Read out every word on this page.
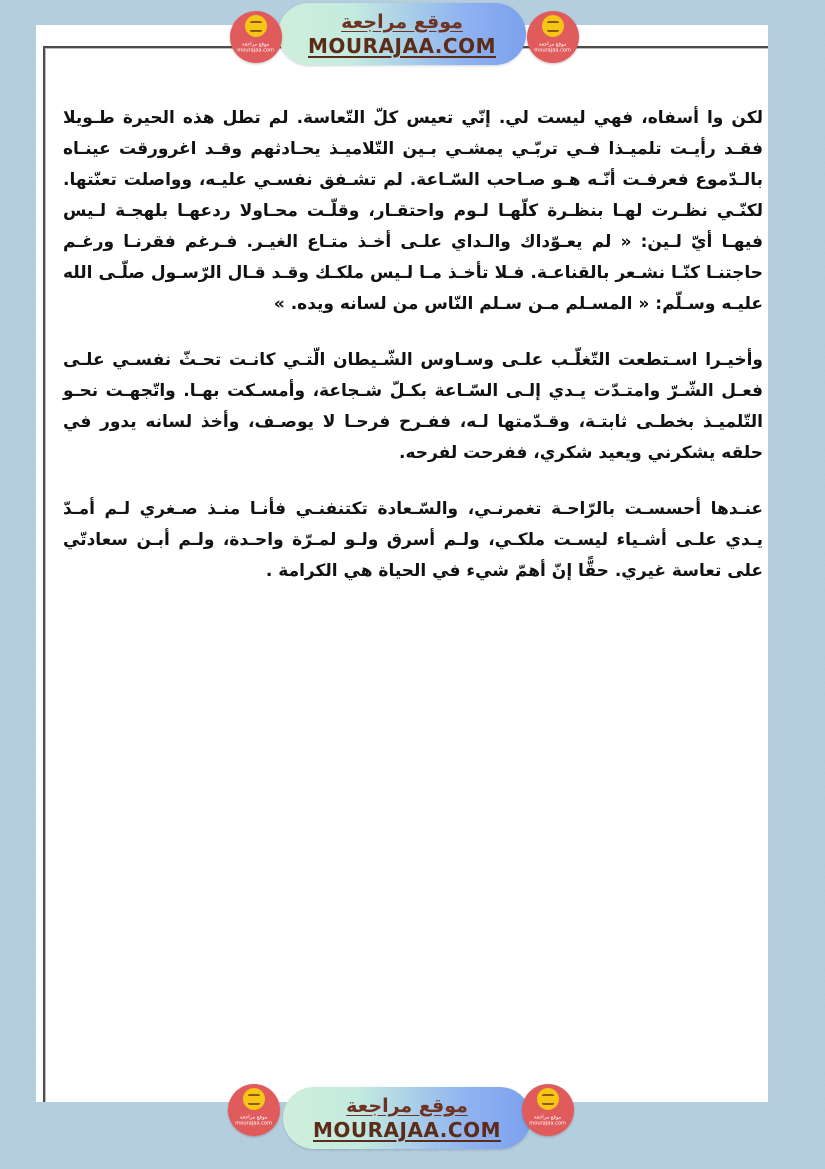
لكن وا أسفاه، فهي ليست لي. إنّي تعيس كلّ التّعاسة. لم تطل هذه الحيرة طـويلا فقـد رأيـت تلميـذا فـي تربّـي يمشـي بـين التّلاميـذ يحـادثهم وقـد اغرورقت عينـاه بالـدّموع فعرفـت أنّـه هـو صـاحب السّـاعة. لم تشـفق نفسـي عليـه، وواصلت تعنّتها. لكنّـي نظـرت لهـا بنظـرة كلّهـا لـوم واحتقـار، وقلّـت محـاولا ردعهـا بلهجـة لـيس فيهـا أيّ لـين: « لم يعـوّداك والـداي علـى أخـذ متـاع الغيـر. فـرغم فقرنـا ورغـم حاجتنـا كنّـا نشـعر بالقناعـة. فـلا تأخـذ مـا لـيس ملكـك وقـد قـال الرّسـول صلّـى الله عليـه وسـلّم: « المسـلم مـن سـلم النّاس من لسانه ويده. »

وأخيـرا اسـتطعت التّغلّـب علـى وسـاوس الشّـيطان الّتـي كانـت تحـثّ نفسـي علـى فعـل الشّـرّ وامتـدّت يـدي إلـى السّـاعة بكـلّ شـجاعة، وأمسـكت بهـا. واتّجهـت نحـو التّلميـذ بخطـى ثابتـة، وقـدّمتها لـه، ففـرح فرحـا لا يوصـف، وأخذ لسانه يدور في حلقه يشكرني ويعيد شكري، ففرحت لفرحه.

عنـدها أحسسـت بالرّاحـة تغمرنـي، والسّـعادة تكتنفنـي فأنـا منـذ صـغري لـم أمـدّ يـدي علـى أشـياء ليسـت ملكـي، ولـم أسرق ولـو لمـرّة واحـدة، ولـم أبـن سعادتّي على تعاسة غيري. حقًّا إنّ أهمّ شيء في الحياة هي الكرامة .

موقع مراجعة
MOURAJAA.COM
موقع مراجعة
mourajaa.com
موقع مراجعة
mourajaa.com
موقع مراجعة
MOURAJAA.COM
موقع مراجعة
mourajaa.com
موقع مراجعة
mourajaa.com
